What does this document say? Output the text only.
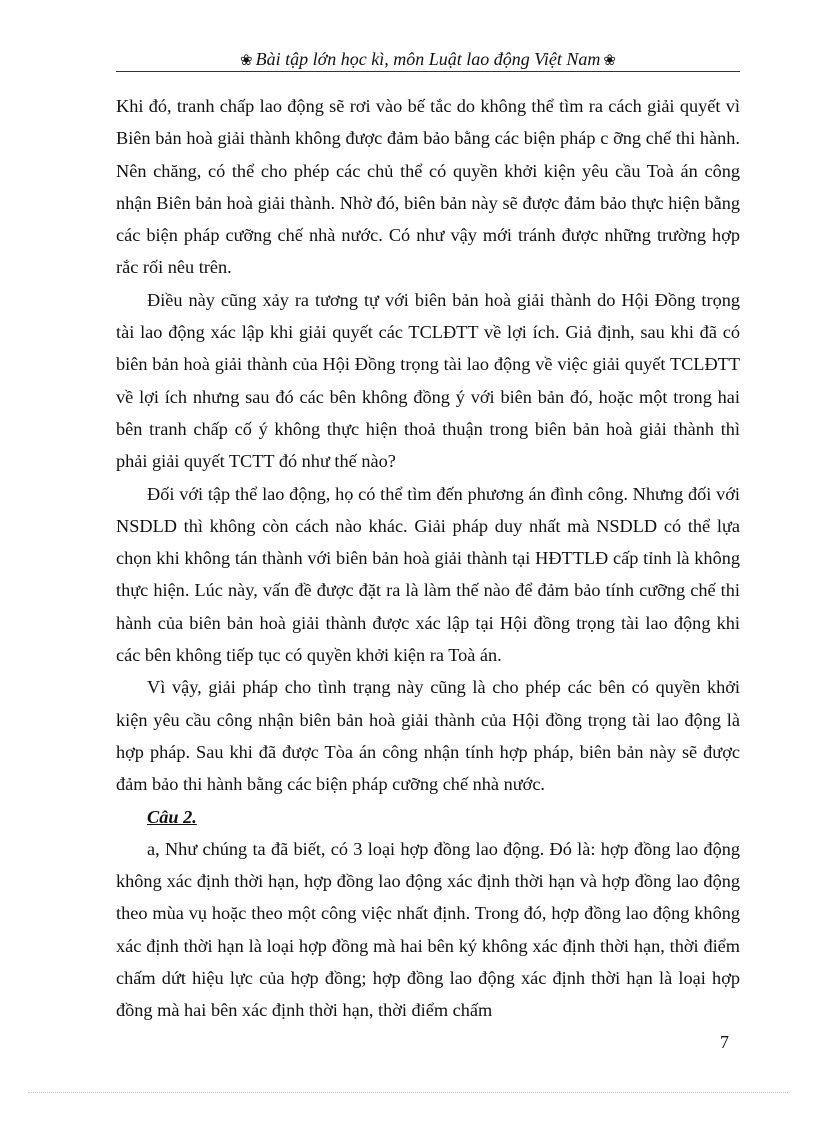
❀ Bài tập lớn học kì, môn Luật lao động Việt Nam ❀

Khi đó, tranh chấp lao động sẽ rơi vào bế tắc do không thể tìm ra cách giải quyết vì Biên bản hoà giải thành không được đảm bảo bằng các biện pháp c ỡng chế thi hành. Nên chăng, có thể cho phép các chủ thể có quyền khởi kiện yêu cầu Toà án công nhận Biên bản hoà giải thành. Nhờ đó, biên bản này sẽ được đảm bảo thực hiện bằng các biện pháp cưỡng chế nhà nước. Có như vậy mới tránh được những trường hợp rắc rối nêu trên.

Điều này cũng xảy ra tương tự với biên bản hoà giải thành do Hội Đồng trọng tài lao động xác lập khi giải quyết các TCLĐTT về lợi ích. Giả định, sau khi đã có biên bản hoà giải thành của Hội Đồng trọng tài lao động về việc giải quyết TCLĐTT về lợi ích nhưng sau đó các bên không đồng ý với biên bản đó, hoặc một trong hai bên tranh chấp cố ý không thực hiện thoả thuận trong biên bản hoà giải thành thì phải giải quyết TCTT đó như thế nào?

Đối với tập thể lao động, họ có thể tìm đến phương án đình công. Nhưng đối với NSDLD thì không còn cách nào khác. Giải pháp duy nhất mà NSDLD có thể lựa chọn khi không tán thành với biên bản hoà giải thành tại HĐTTLĐ cấp tỉnh là không thực hiện. Lúc này, vấn đề được đặt ra là làm thế nào để đảm bảo tính cưỡng chế thi hành của biên bản hoà giải thành được xác lập tại Hội đồng trọng tài lao động khi các bên không tiếp tục có quyền khởi kiện ra Toà án.

Vì vậy, giải pháp cho tình trạng này cũng là cho phép các bên có quyền khởi kiện yêu cầu công nhận biên bản hoà giải thành của Hội đồng trọng tài lao động là hợp pháp. Sau khi đã được Tòa án công nhận tính hợp pháp, biên bản này sẽ được đảm bảo thi hành bằng các biện pháp cưỡng chế nhà nước.

Câu 2.

a, Như chúng ta đã biết, có 3 loại hợp đồng lao động. Đó là: hợp đồng lao động không xác định thời hạn, hợp đồng lao động xác định thời hạn và hợp đồng lao động theo mùa vụ hoặc theo một công việc nhất định. Trong đó, hợp đồng lao động không xác định thời hạn là loại hợp đồng mà hai bên ký không xác định thời hạn, thời điểm chấm dứt hiệu lực của hợp đồng; hợp đồng lao động xác định thời hạn là loại hợp đồng mà hai bên xác định thời hạn, thời điểm chấm

7
